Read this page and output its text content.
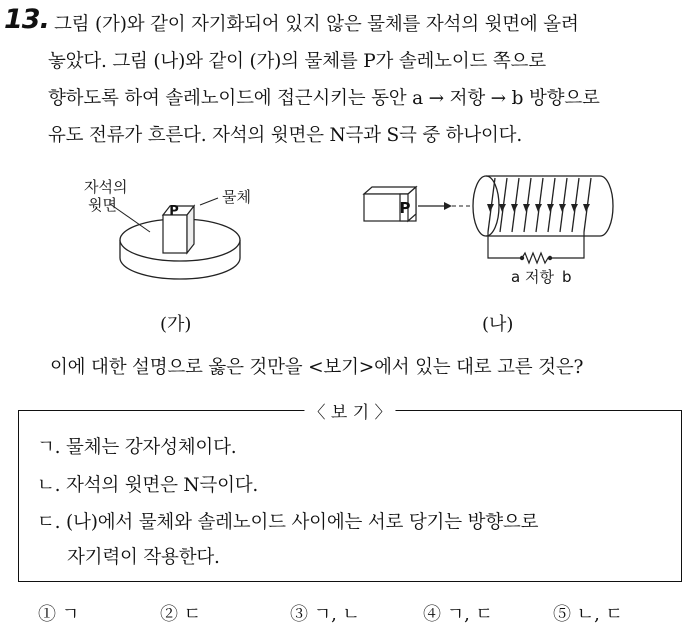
13. 그림 (가)와 같이 자기화되어 있지 않은 물체를 자석의 윗면에 올려
놓았다. 그림 (나)와 같이 (가)의 물체를 P가 솔레노이드 쪽으로
향하도록 하여 솔레노이드에 접근시키는 동안 a → 저항 → b 방향으로
유도 전류가 흐른다. 자석의 윗면은 N극과 S극 중 하나이다.
P
자석의
윗면	물체
P
a 저항 b
(가)	(나)
이에 대한 설명으로 옳은 것만을 <보기>에서 있는 대로 고른 것은?
〈 보 기 〉
ㄱ. 물체는 강자성체이다.
ㄴ. 자석의 윗면은 N극이다.
ㄷ. (나)에서 물체와 솔레노이드 사이에는 서로 당기는 방향으로
자기력이 작용한다.
① ㄱ	② ㄷ	③ ㄱ, ㄴ	④ ㄱ, ㄷ	⑤ ㄴ, ㄷ
